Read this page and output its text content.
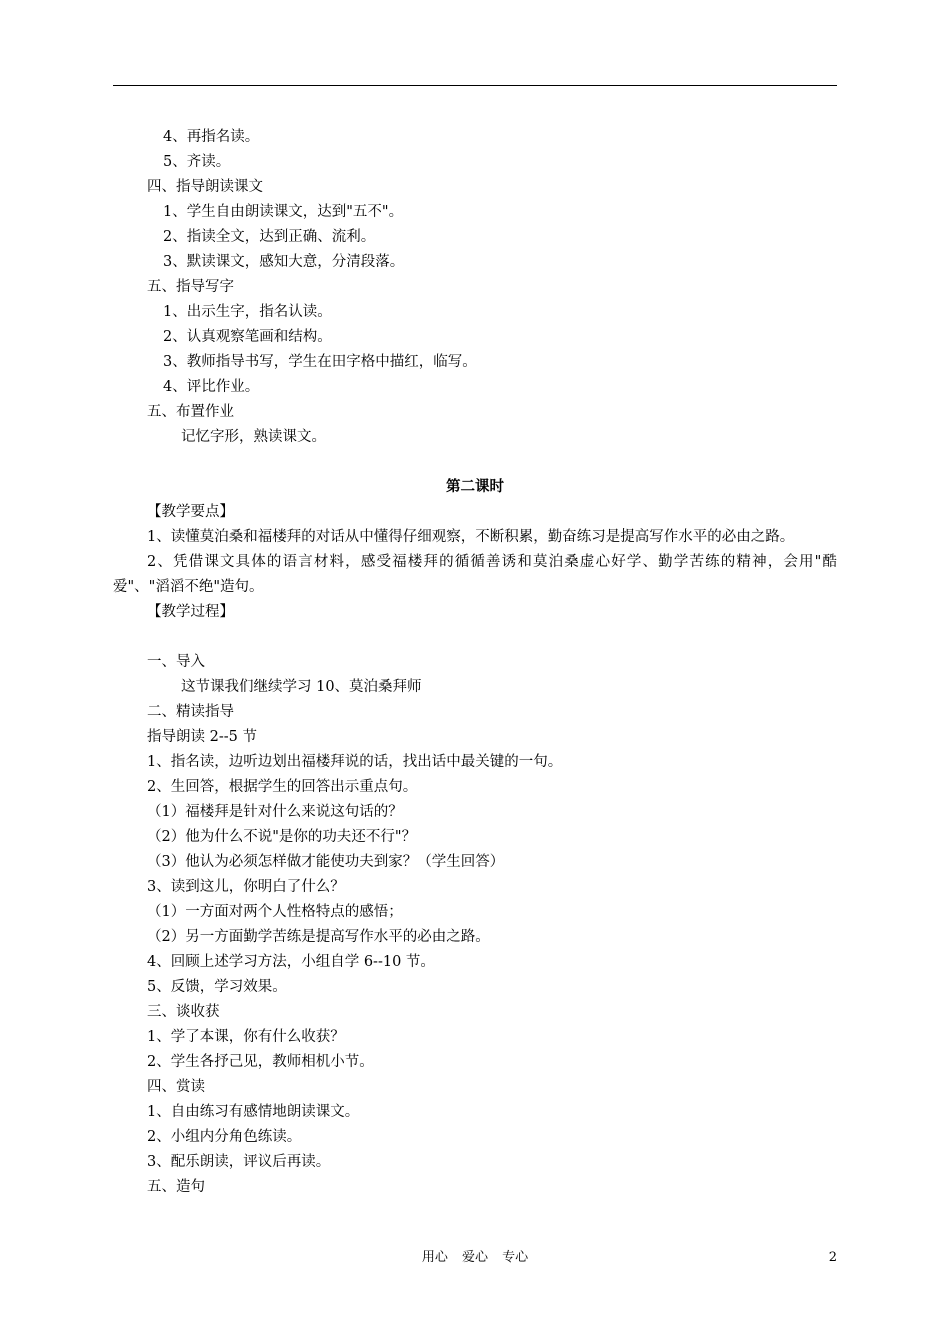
4、再指名读。
5、齐读。
四、指导朗读课文
1、学生自由朗读课文，达到"五不"。
2、指读全文，达到正确、流利。
3、默读课文，感知大意，分清段落。
五、指导写字
1、出示生字，指名认读。
2、认真观察笔画和结构。
3、教师指导书写，学生在田字格中描红，临写。
4、评比作业。
五、布置作业
记忆字形，熟读课文。
第二课时
【教学要点】
1、读懂莫泊桑和福楼拜的对话从中懂得仔细观察，不断积累，勤奋练习是提高写作水平的必由之路。
2、凭借课文具体的语言材料，感受福楼拜的循循善诱和莫泊桑虚心好学、勤学苦练的精神，会用"酷爱"、"滔滔不绝"造句。
【教学过程】
一、导入
这节课我们继续学习 10、莫泊桑拜师
二、精读指导
指导朗读 2--5 节
1、指名读，边听边划出福楼拜说的话，找出话中最关键的一句。
2、生回答，根据学生的回答出示重点句。
（1）福楼拜是针对什么来说这句话的？
（2）他为什么不说"是你的功夫还不行"？
（3）他认为必须怎样做才能使功夫到家？（学生回答）
3、读到这儿，你明白了什么？
（1）一方面对两个人性格特点的感悟；
（2）另一方面勤学苦练是提高写作水平的必由之路。
4、回顾上述学习方法，小组自学 6--10 节。
5、反馈，学习效果。
三、谈收获
1、学了本课，你有什么收获？
2、学生各抒己见，教师相机小节。
四、赏读
1、自由练习有感情地朗读课文。
2、小组内分角色练读。
3、配乐朗读，评议后再读。
五、造句
用心 爱心 专心	2
